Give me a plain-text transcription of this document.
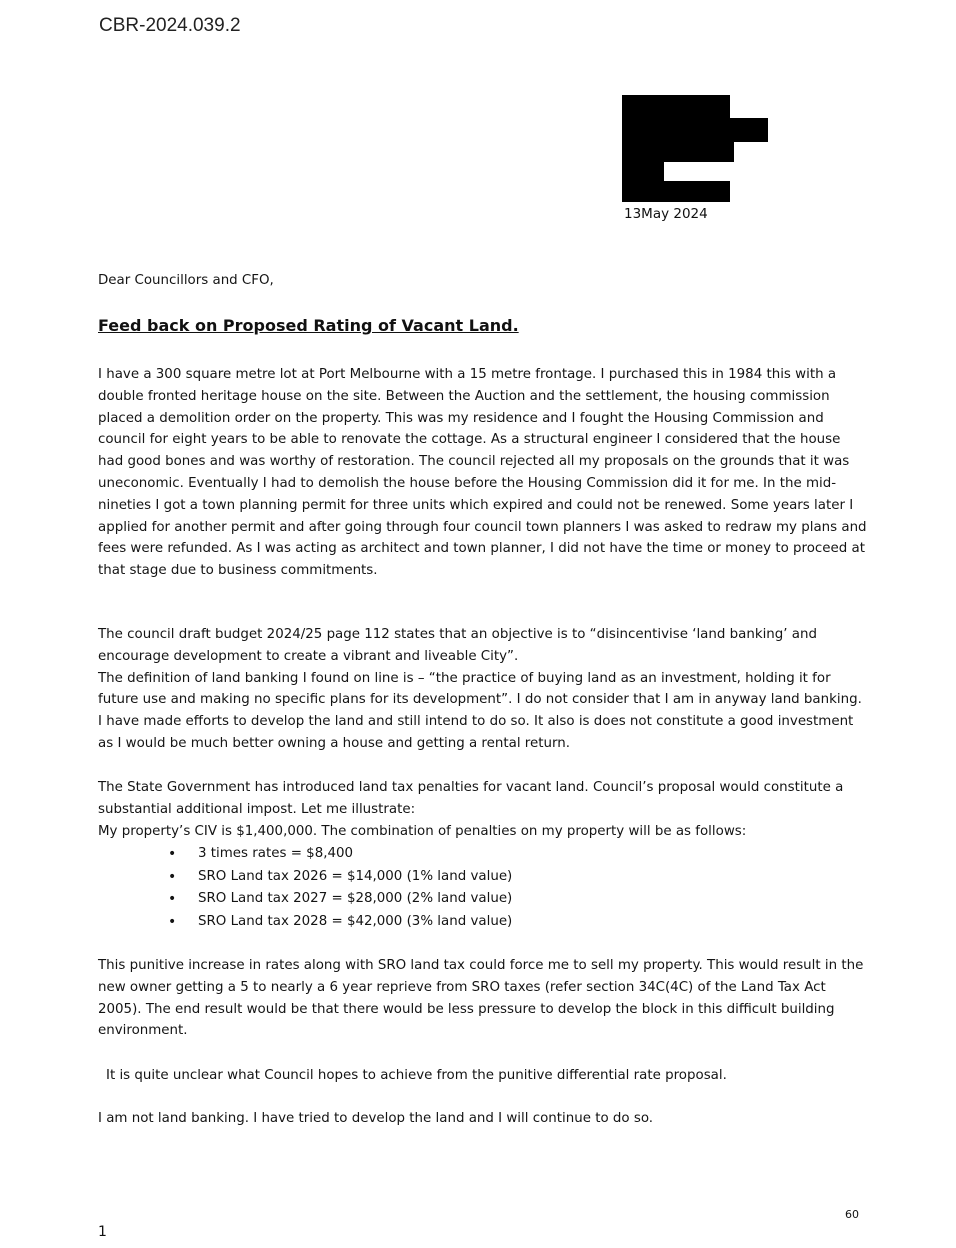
CBR-2024.039.2
13May 2024
Dear Councillors and CFO,
Feed back on Proposed Rating of Vacant Land.
I have a 300 square metre lot at Port Melbourne with a 15 metre frontage. I purchased this in 1984 this with a double fronted heritage house on the site. Between the Auction and the settlement, the housing commission placed a demolition order on the property. This was my residence and I fought the Housing Commission and council for eight years to be able to renovate the cottage. As a structural engineer I considered that the house had good bones and was worthy of restoration. The council rejected all my proposals on the grounds that it was uneconomic. Eventually I had to demolish the house before the Housing Commission did it for me. In the mid-nineties I got a town planning permit for three units which expired and could not be renewed. Some years later I applied for another permit and after going through four council town planners I was asked to redraw my plans and fees were refunded. As I was acting as architect and town planner, I did not have the time or money to proceed at that stage due to business commitments.
The council draft budget 2024/25 page 112 states that an objective is to “disincentivise ‘land banking’ and encourage development to create a vibrant and liveable City”.
The definition of land banking I found on line is – “the practice of buying land as an investment, holding it for future use and making no specific plans for its development”. I do not consider that I am in anyway land banking. I have made efforts to develop the land and still intend to do so. It also is does not constitute a good investment as I would be much better owning a house and getting a rental return.
The State Government has introduced land tax penalties for vacant land. Council’s proposal would constitute a substantial additional impost. Let me illustrate:
My property’s CIV is $1,400,000. The combination of penalties on my property will be as follows:
• 3 times rates = $8,400
• SRO Land tax 2026 = $14,000 (1% land value)
• SRO Land tax 2027 = $28,000 (2% land value)
• SRO Land tax 2028 = $42,000 (3% land value)
This punitive increase in rates along with SRO land tax could force me to sell my property. This would result in the new owner getting a 5 to nearly a 6 year reprieve from SRO taxes (refer section 34C(4C) of the Land Tax Act 2005). The end result would be that there would be less pressure to develop the block in this difficult building environment.
It is quite unclear what Council hopes to achieve from the punitive differential rate proposal.
I am not land banking. I have tried to develop the land and I will continue to do so.
60
1
